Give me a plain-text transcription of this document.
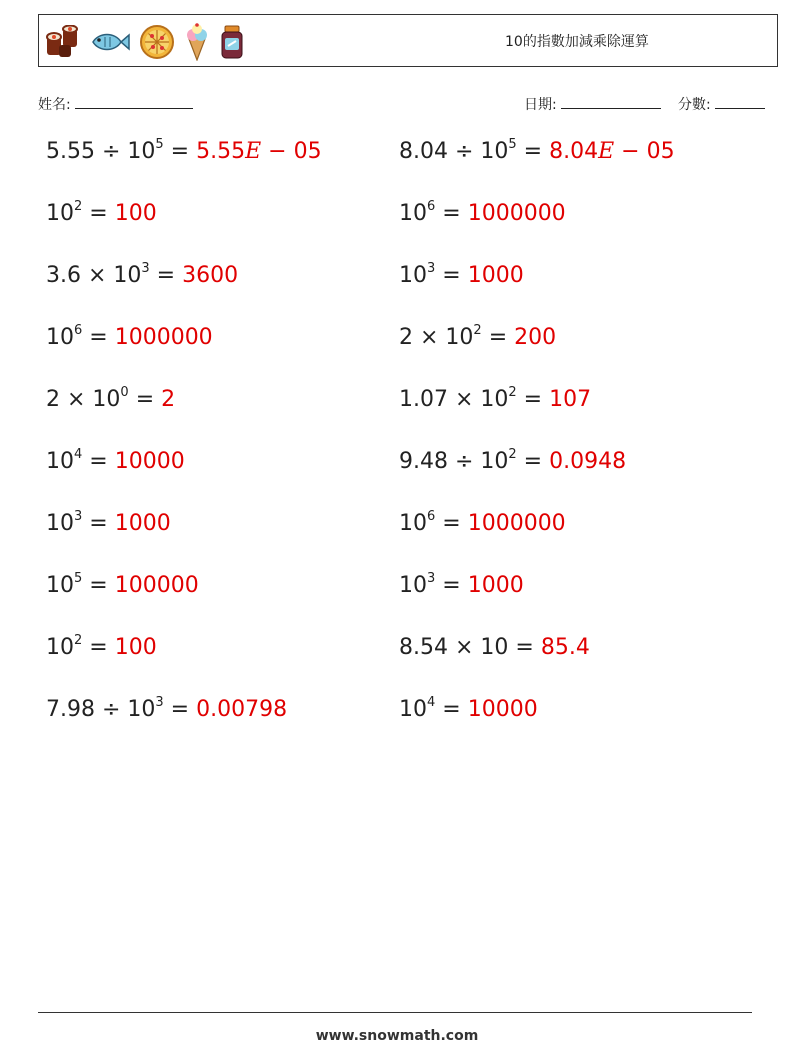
10的指數加減乘除運算
姓名:	日期:	分數:
$5.55 \div 10^5 = 5.55E - 05$
$10^2 = 100$
$3.6 \times 10^3 = 3600$
$10^6 = 1000000$
$2 \times 10^0 = 2$
$10^4 = 10000$
$10^3 = 1000$
$10^5 = 100000$
$10^2 = 100$
$7.98 \div 10^3 = 0.00798$
$8.04 \div 10^5 = 8.04E - 05$
$10^6 = 1000000$
$10^3 = 1000$
$2 \times 10^2 = 200$
$1.07 \times 10^2 = 107$
$9.48 \div 10^2 = 0.0948$
$10^6 = 1000000$
$10^3 = 1000$
8.54 × 10 = 85.4
$10^4 = 10000$
www.snowmath.com
